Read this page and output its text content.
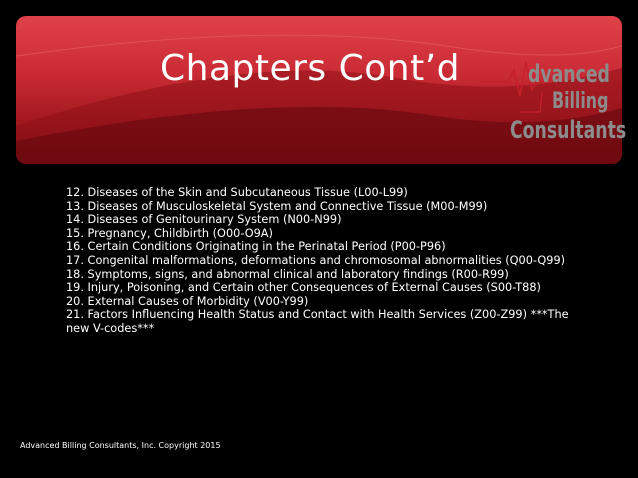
Chapters Cont’d	dvanced
Billing
Consultants
12. Diseases of the Skin and Subcutaneous Tissue (L00-L99)
13. Diseases of Musculoskeletal System and Connective Tissue (M00-M99)
14. Diseases of Genitourinary System (N00-N99)
15. Pregnancy, Childbirth (O00-O9A)
16. Certain Conditions Originating in the Perinatal Period (P00-P96)
17. Congenital malformations, deformations and chromosomal abnormalities (Q00-Q99)
18. Symptoms, signs, and abnormal clinical and laboratory findings (R00-R99)
19. Injury, Poisoning, and Certain other Consequences of External Causes (S00-T88)
20. External Causes of Morbidity (V00-Y99)
21. Factors Influencing Health Status and Contact with Health Services (Z00-Z99) ***The new V-codes***
Advanced Billing Consultants, Inc. Copyright 2015
